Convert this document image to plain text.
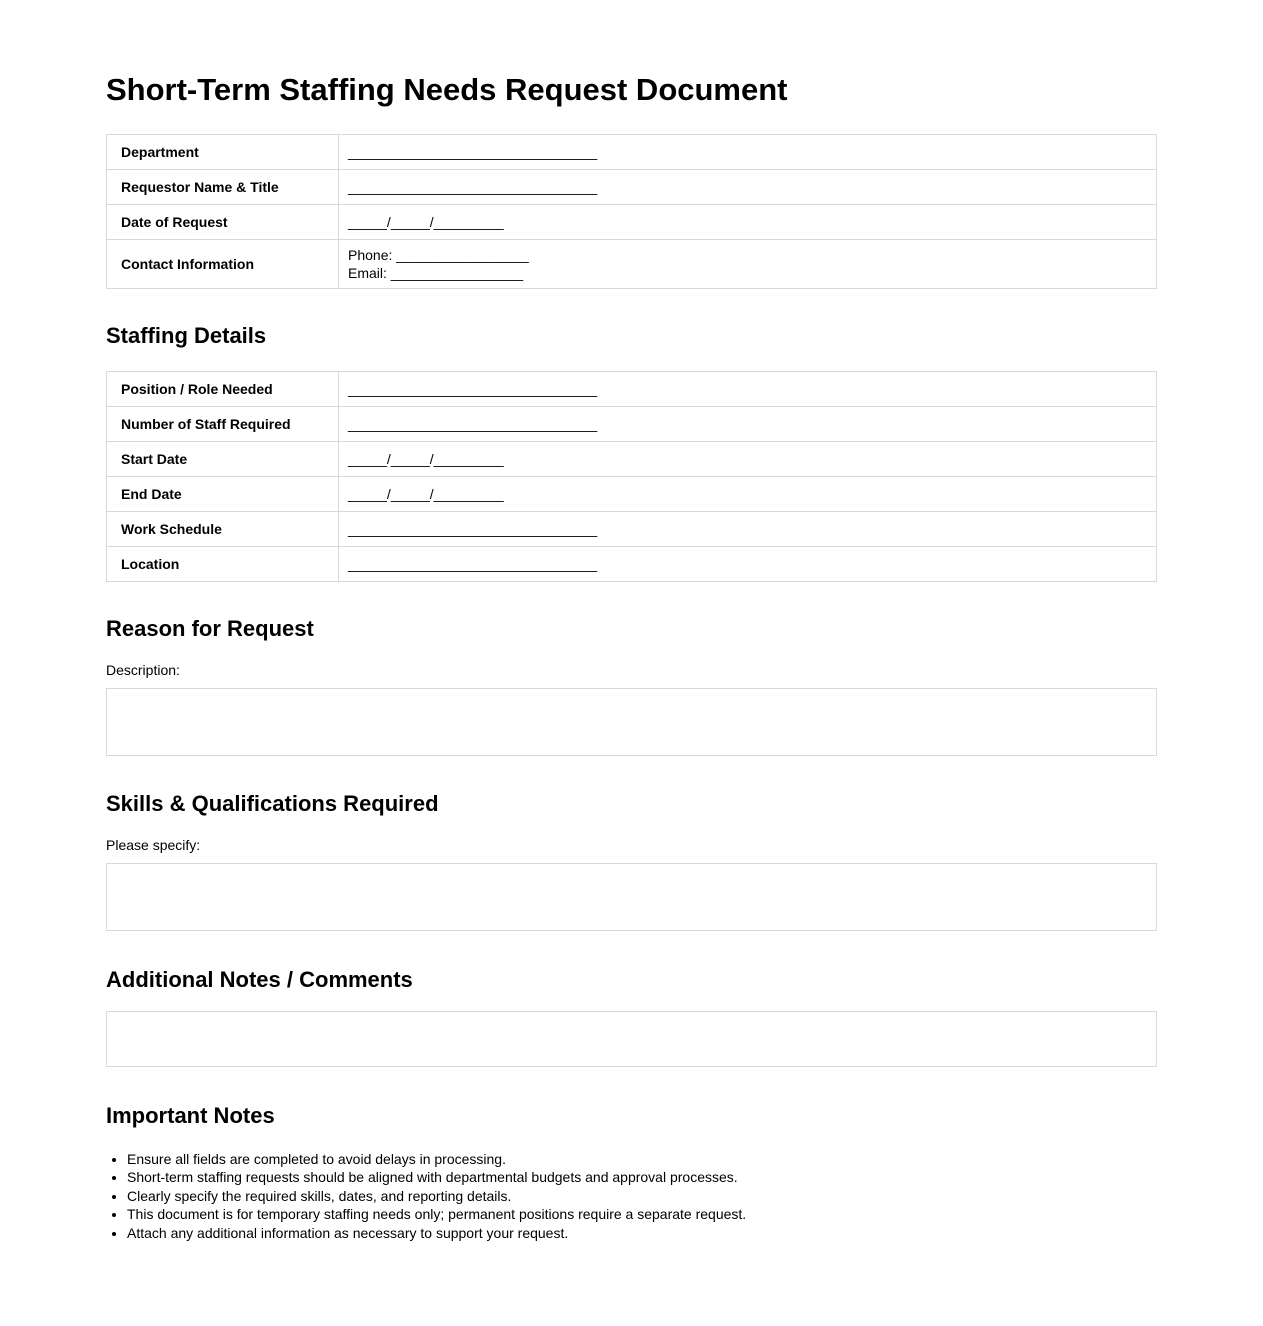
Short-Term Staffing Needs Request Document
Department	________________________________
Requestor Name & Title	________________________________
Date of Request	_____/_____/_________
Contact Information	Phone: _________________
Email: _________________
Staffing Details
Position / Role Needed	________________________________
Number of Staff Required	________________________________
Start Date	_____/_____/_________
End Date	_____/_____/_________
Work Schedule	________________________________
Location	________________________________
Reason for Request

Description:

Skills & Qualifications Required

Please specify:

Additional Notes / Comments
Important Notes
• Ensure all fields are completed to avoid delays in processing.
• Short-term staffing requests should be aligned with departmental budgets and approval processes.
• Clearly specify the required skills, dates, and reporting details.
• This document is for temporary staffing needs only; permanent positions require a separate request.
• Attach any additional information as necessary to support your request.
